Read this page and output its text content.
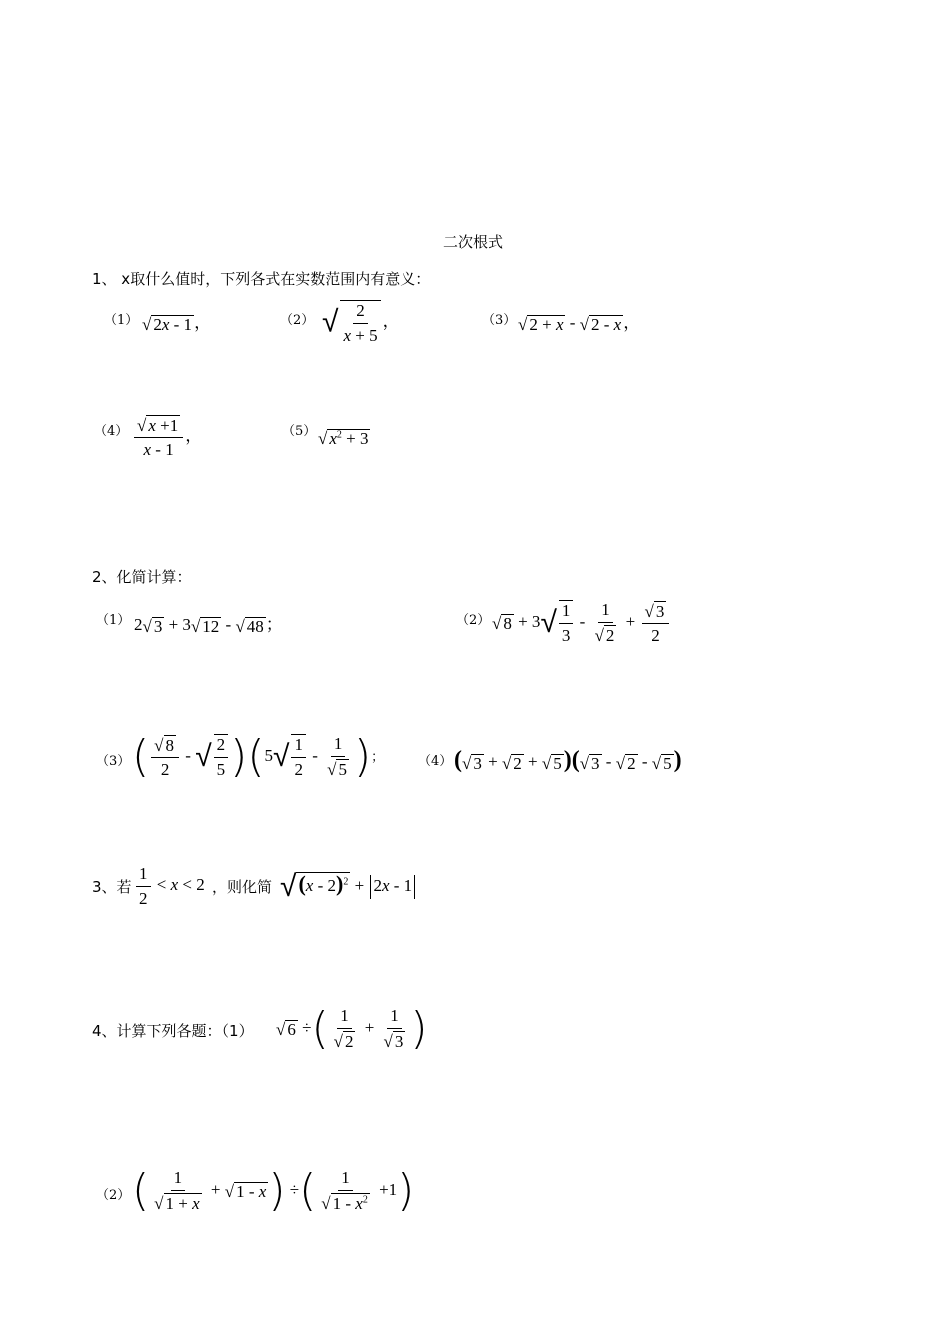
二次根式
1、 x取什么值时，下列各式在实数范围内有意义：
（1） √ 2x - 1 ，	（2） √ $\frac{2}{x + 5}$ ，	（3） √ 2 + x - √ 2 - x ，
$(4) \frac{√ x +1}{x - 1}$ ，	（5） √ $x^2 + 3$
2、化简计算：
（1） 2√ 3 + 3√ 12 - √ 48 ；	（2） √ $8 + 3√ \frac{1}{3} - \frac{1}{√ 2} + \frac{√ 3}{2}$
（3） ( $\frac{√ 8}{2}$ - √ $\frac{2}{5} )(5√ \frac{1}{2} - \frac{1}{√ 5}$ )；	（4） (√ 3 + √ 2 + √ 5)(√ 3 - √ 2 - √ 5)
3、若 $\frac{1}{2} < x < 2$ ，则化简 √(x - 2)$^2$ + 2x - 1
4、计算下列各题：（1） √ 6 ÷( $\frac{1}{√ 2} + \frac{1}{√ 3}$ )
（2） ( $\frac{1}{√ 1 + x}$ + √ 1 - x) ÷( $\frac{1}{√ 1 - x^2} +1$)
